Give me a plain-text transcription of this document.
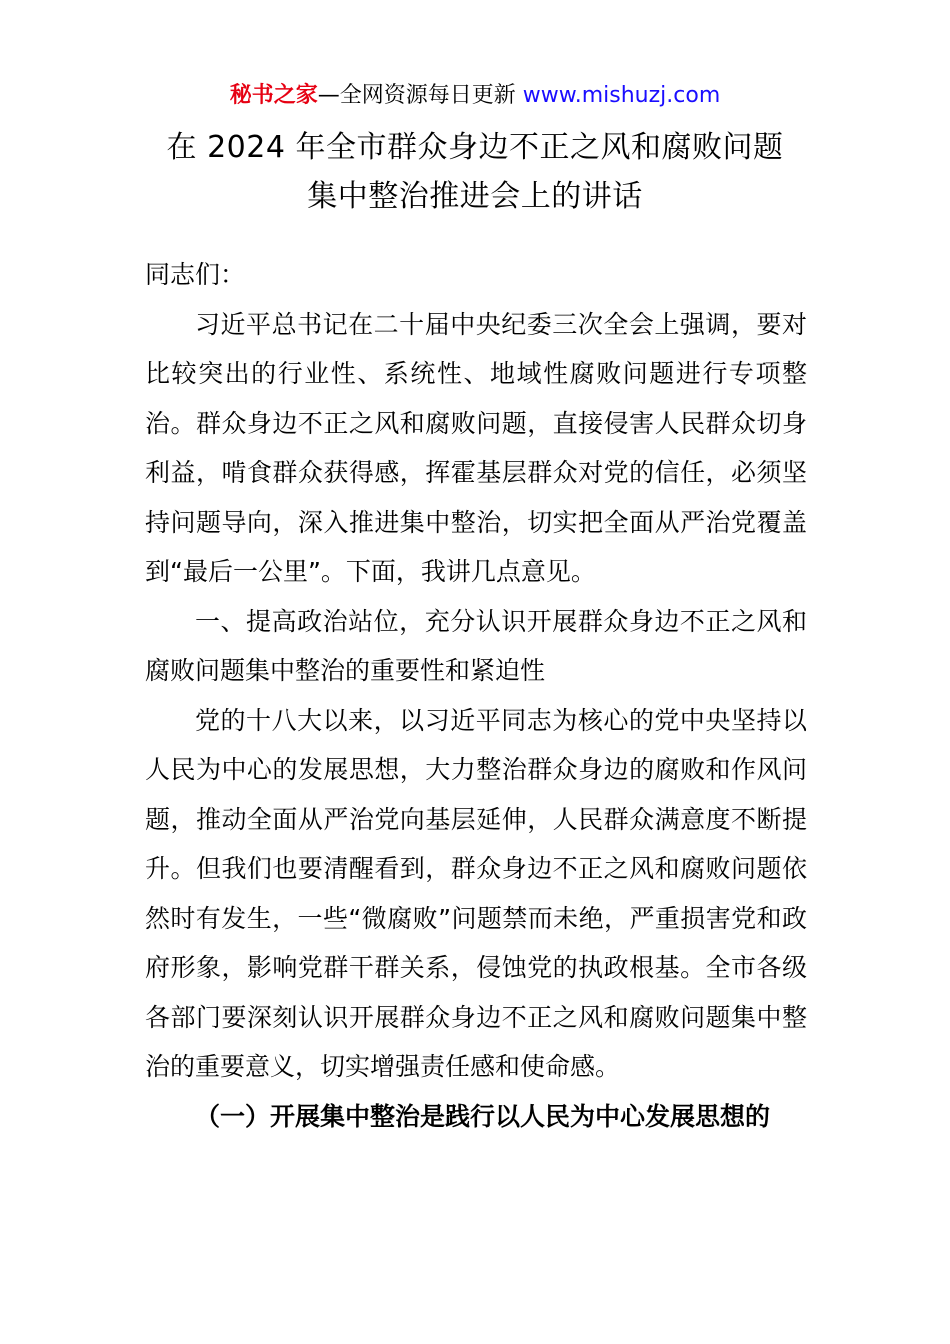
秘书之家—全网资源每日更新 www.mishuzj.com
在 2024 年全市群众身边不正之风和腐败问题
集中整治推进会上的讲话

同志们：

习近平总书记在二十届中央纪委三次全会上强调，要对比较突出的行业性、系统性、地域性腐败问题进行专项整治。群众身边不正之风和腐败问题，直接侵害人民群众切身利益，啃食群众获得感，挥霍基层群众对党的信任，必须坚持问题导向，深入推进集中整治，切实把全面从严治党覆盖到“最后一公里”。下面，我讲几点意见。

一、提高政治站位，充分认识开展群众身边不正之风和腐败问题集中整治的重要性和紧迫性

党的十八大以来，以习近平同志为核心的党中央坚持以人民为中心的发展思想，大力整治群众身边的腐败和作风问题，推动全面从严治党向基层延伸，人民群众满意度不断提升。但我们也要清醒看到，群众身边不正之风和腐败问题依然时有发生，一些“微腐败”问题禁而未绝，严重损害党和政府形象，影响党群干群关系，侵蚀党的执政根基。全市各级各部门要深刻认识开展群众身边不正之风和腐败问题集中整治的重要意义，切实增强责任感和使命感。

（一）开展集中整治是践行以人民为中心发展思想的
